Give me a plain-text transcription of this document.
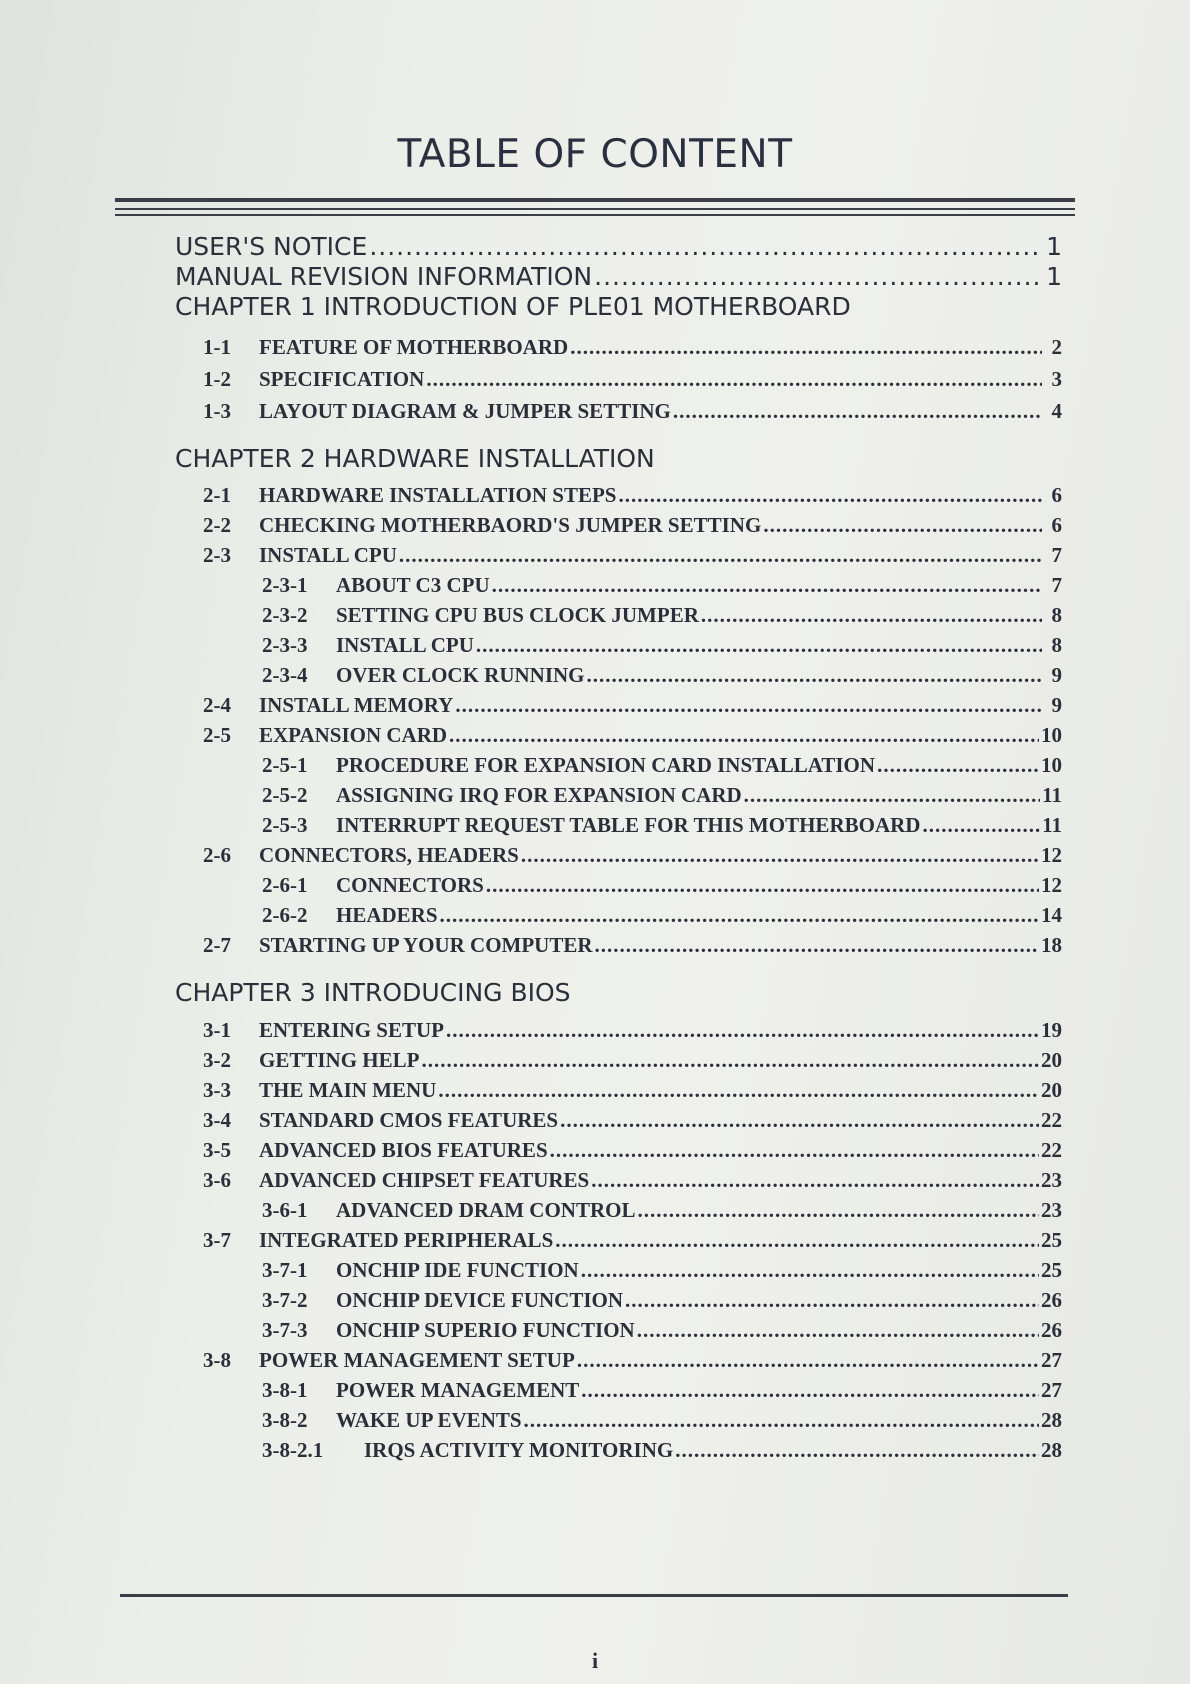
TABLE OF CONTENT
USER'S NOTICE .....	1
MANUAL REVISION INFORMATION .....	1
CHAPTER 1 INTRODUCTION OF PLE01 MOTHERBOARD
1-1	FEATURE OF MOTHERBOARD .....	2
1-2	SPECIFICATION .....	3
1-3	LAYOUT DIAGRAM & JUMPER SETTING .....	4
CHAPTER 2 HARDWARE INSTALLATION
2-1	HARDWARE INSTALLATION STEPS .....	6
2-2	CHECKING MOTHERBAORD'S JUMPER SETTING .....	6
2-3	INSTALL CPU .....	7
2-3-1	ABOUT C3 CPU .....	7
2-3-2	SETTING CPU BUS CLOCK JUMPER .....	8
2-3-3	INSTALL CPU .....	8
2-3-4	OVER CLOCK RUNNING .....	9
2-4	INSTALL MEMORY .....	9
2-5	EXPANSION CARD .....	10
2-5-1	PROCEDURE FOR EXPANSION CARD INSTALLATION .....	10
2-5-2	ASSIGNING IRQ FOR EXPANSION CARD .....	11
2-5-3	INTERRUPT REQUEST TABLE FOR THIS MOTHERBOARD .....	11
2-6	CONNECTORS, HEADERS .....	12
2-6-1	CONNECTORS .....	12
2-6-2	HEADERS .....	14
2-7	STARTING UP YOUR COMPUTER .....	18
CHAPTER 3 INTRODUCING BIOS
3-1	ENTERING SETUP .....	19
3-2	GETTING HELP .....	20
3-3	THE MAIN MENU .....	20
3-4	STANDARD CMOS FEATURES .....	22
3-5	ADVANCED BIOS FEATURES .....	22
3-6	ADVANCED CHIPSET FEATURES .....	23
3-6-1	ADVANCED DRAM CONTROL .....	23
3-7	INTEGRATED PERIPHERALS .....	25
3-7-1	ONCHIP IDE FUNCTION .....	25
3-7-2	ONCHIP DEVICE FUNCTION .....	26
3-7-3	ONCHIP SUPERIO FUNCTION .....	26
3-8	POWER MANAGEMENT SETUP .....	27
3-8-1	POWER MANAGEMENT .....	27
3-8-2	WAKE UP EVENTS .....	28
3-8-2.1	IRQS ACTIVITY MONITORING .....	28
i
